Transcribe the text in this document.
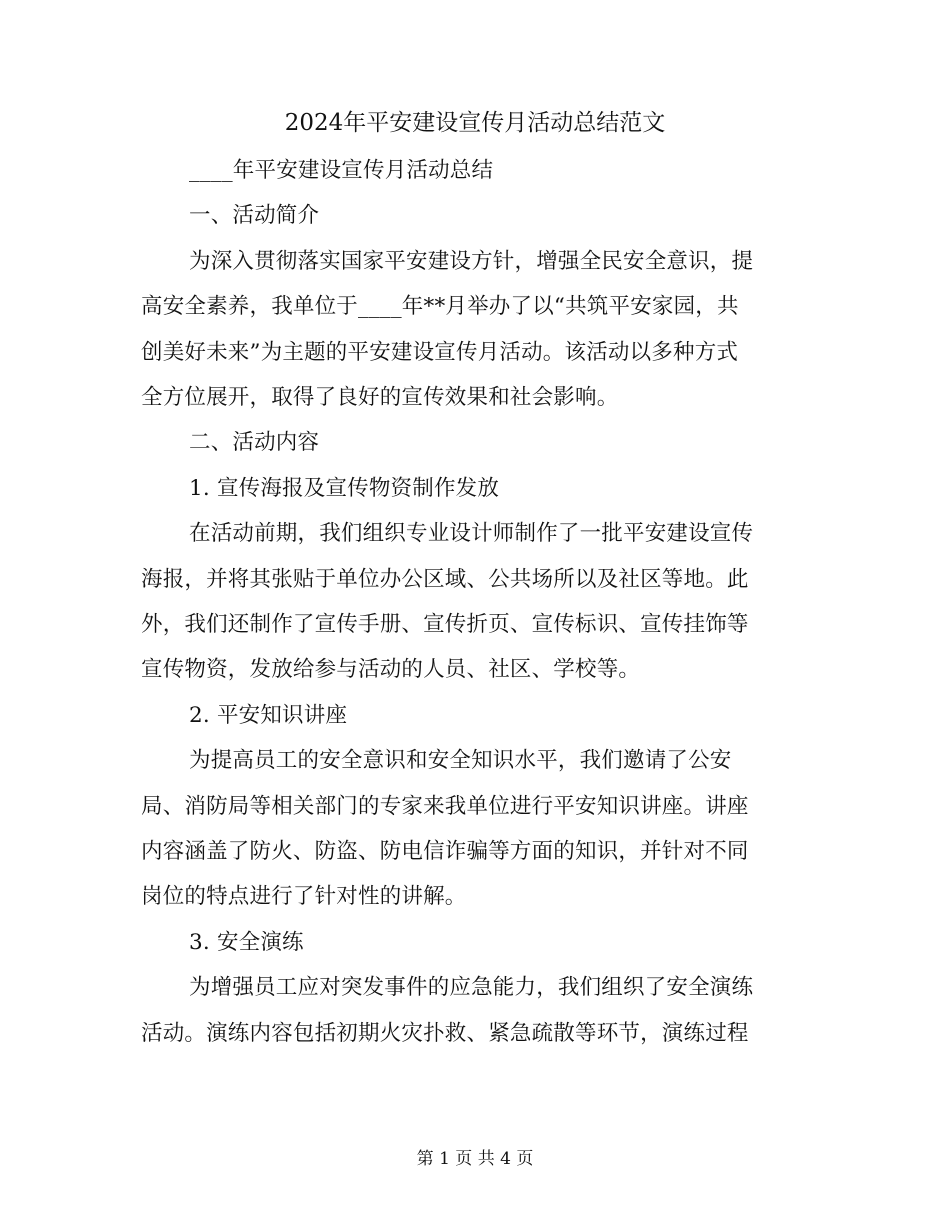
2024年平安建设宣传月活动总结范文
____年平安建设宣传月活动总结
一、活动简介
为深入贯彻落实国家平安建设方针，增强全民安全意识，提
高安全素养，我单位于____年**月举办了以“共筑平安家园，共
创美好未来”为主题的平安建设宣传月活动。该活动以多种方式
全方位展开，取得了良好的宣传效果和社会影响。
二、活动内容
1. 宣传海报及宣传物资制作发放
在活动前期，我们组织专业设计师制作了一批平安建设宣传
海报，并将其张贴于单位办公区域、公共场所以及社区等地。此
外，我们还制作了宣传手册、宣传折页、宣传标识、宣传挂饰等
宣传物资，发放给参与活动的人员、社区、学校等。
2. 平安知识讲座
为提高员工的安全意识和安全知识水平，我们邀请了公安
局、消防局等相关部门的专家来我单位进行平安知识讲座。讲座
内容涵盖了防火、防盗、防电信诈骗等方面的知识，并针对不同
岗位的特点进行了针对性的讲解。
3. 安全演练
为增强员工应对突发事件的应急能力，我们组织了安全演练
活动。演练内容包括初期火灾扑救、紧急疏散等环节，演练过程
第 1 页 共 4 页
